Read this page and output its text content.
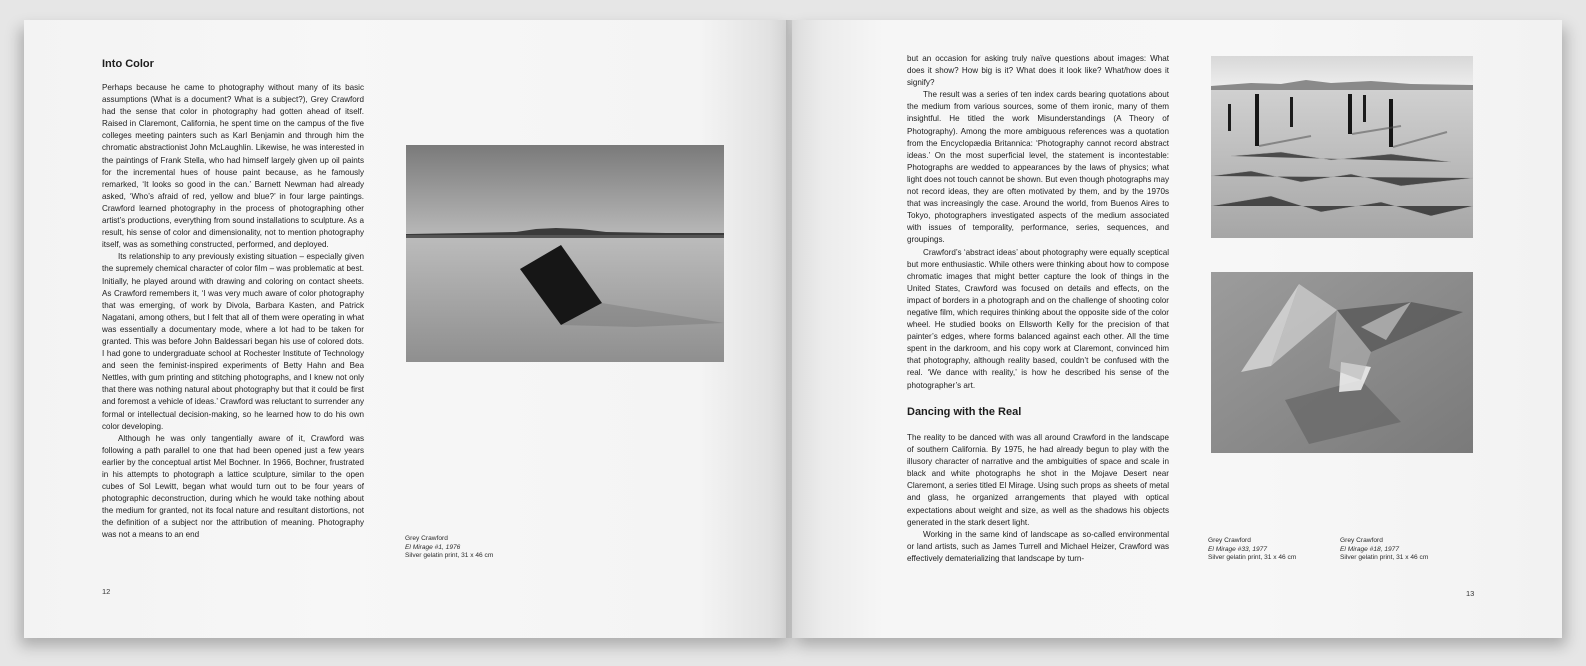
Into Color

Perhaps because he came to photography without many of its basic assumptions (What is a document? What is a subject?), Grey Crawford had the sense that color in photography had gotten ahead of itself. Raised in Claremont, California, he spent time on the campus of the five colleges meeting painters such as Karl Benjamin and through him the chromatic abstractionist John McLaughlin. Likewise, he was interested in the paintings of Frank Stella, who had himself largely given up oil paints for the incremental hues of house paint because, as he famously remarked, ‘It looks so good in the can.’ Barnett Newman had already asked, ‘Who’s afraid of red, yellow and blue?’ in four large paintings. Crawford learned photography in the process of photographing other artist’s productions, everything from sound installations to sculpture. As a result, his sense of color and dimensionality, not to mention photography itself, was as something constructed, performed, and deployed.

Its relationship to any previously existing situation – especially given the supremely chemical character of color film – was problematic at best. Initially, he played around with drawing and coloring on contact sheets. As Crawford remembers it, ‘I was very much aware of color photography that was emerging, of work by Divola, Barbara Kasten, and Patrick Nagatani, among others, but I felt that all of them were operating in what was essentially a documentary mode, where a lot had to be taken for granted. This was before John Baldessari began his use of colored dots. I had gone to undergraduate school at Rochester Institute of Technology and seen the feminist-inspired experiments of Betty Hahn and Bea Nettles, with gum printing and stitching photographs, and I knew not only that there was nothing natural about photography but that it could be first and foremost a vehicle of ideas.’ Crawford was reluctant to surrender any formal or intellectual decision-making, so he learned how to do his own color developing.

Although he was only tangentially aware of it, Crawford was following a path parallel to one that had been opened just a few years earlier by the conceptual artist Mel Bochner. In 1966, Bochner, frustrated in his attempts to photograph a lattice sculpture, similar to the open cubes of Sol Lewitt, began what would turn out to be four years of photographic deconstruction, during which he would take nothing about the medium for granted, not its focal nature and resultant distortions, not the definition of a subject nor the attribution of meaning. Photography was not a means to an end	Grey Crawford
El Mirage #1, 1976
Silver gelatin print, 31 x 46 cm
12

but an occasion for asking truly naïve questions about images: What does it show? How big is it? What does it look like? What/how does it signify?

The result was a series of ten index cards bearing quotations about the medium from various sources, some of them ironic, many of them insightful. He titled the work Misunderstandings (A Theory of Photography). Among the more ambiguous references was a quotation from the Encyclopædia Britannica: ‘Photography cannot record abstract ideas.’ On the most superficial level, the statement is incontestable: Photographs are wedded to appearances by the laws of physics; what light does not touch cannot be shown. But even though photographs may not record ideas, they are often motivated by them, and by the 1970s that was increasingly the case. Around the world, from Buenos Aires to Tokyo, photographers investigated aspects of the medium associated with issues of temporality, performance, series, sequences, and groupings.

Crawford’s ‘abstract ideas’ about photography were equally sceptical but more enthusiastic. While others were thinking about how to compose chromatic images that might better capture the look of things in the United States, Crawford was focused on details and effects, on the impact of borders in a photograph and on the challenge of shooting color negative film, which requires thinking about the opposite side of the color wheel. He studied books on Ellsworth Kelly for the precision of that painter’s edges, where forms balanced against each other. All the time spent in the darkroom, and his copy work at Claremont, convinced him that photography, although reality based, couldn’t be confused with the real. ‘We dance with reality,’ is how he described his sense of the photographer’s art.

Dancing with the Real

The reality to be danced with was all around Crawford in the landscape of southern California. By 1975, he had already begun to play with the illusory character of narrative and the ambiguities of space and scale in black and white photographs he shot in the Mojave Desert near Claremont, a series titled El Mirage. Using such props as sheets of metal and glass, he organized arrangements that played with optical expectations about weight and size, as well as the shadows his objects generated in the stark desert light.

Working in the same kind of landscape as so-called environmental or land artists, such as James Turrell and Michael Heizer, Crawford was effectively dematerializing that landscape by turn-

Grey Crawford
El Mirage #33, 1977
Silver gelatin print, 31 x 46 cm
Grey Crawford
El Mirage #18, 1977
Silver gelatin print, 31 x 46 cm
13
